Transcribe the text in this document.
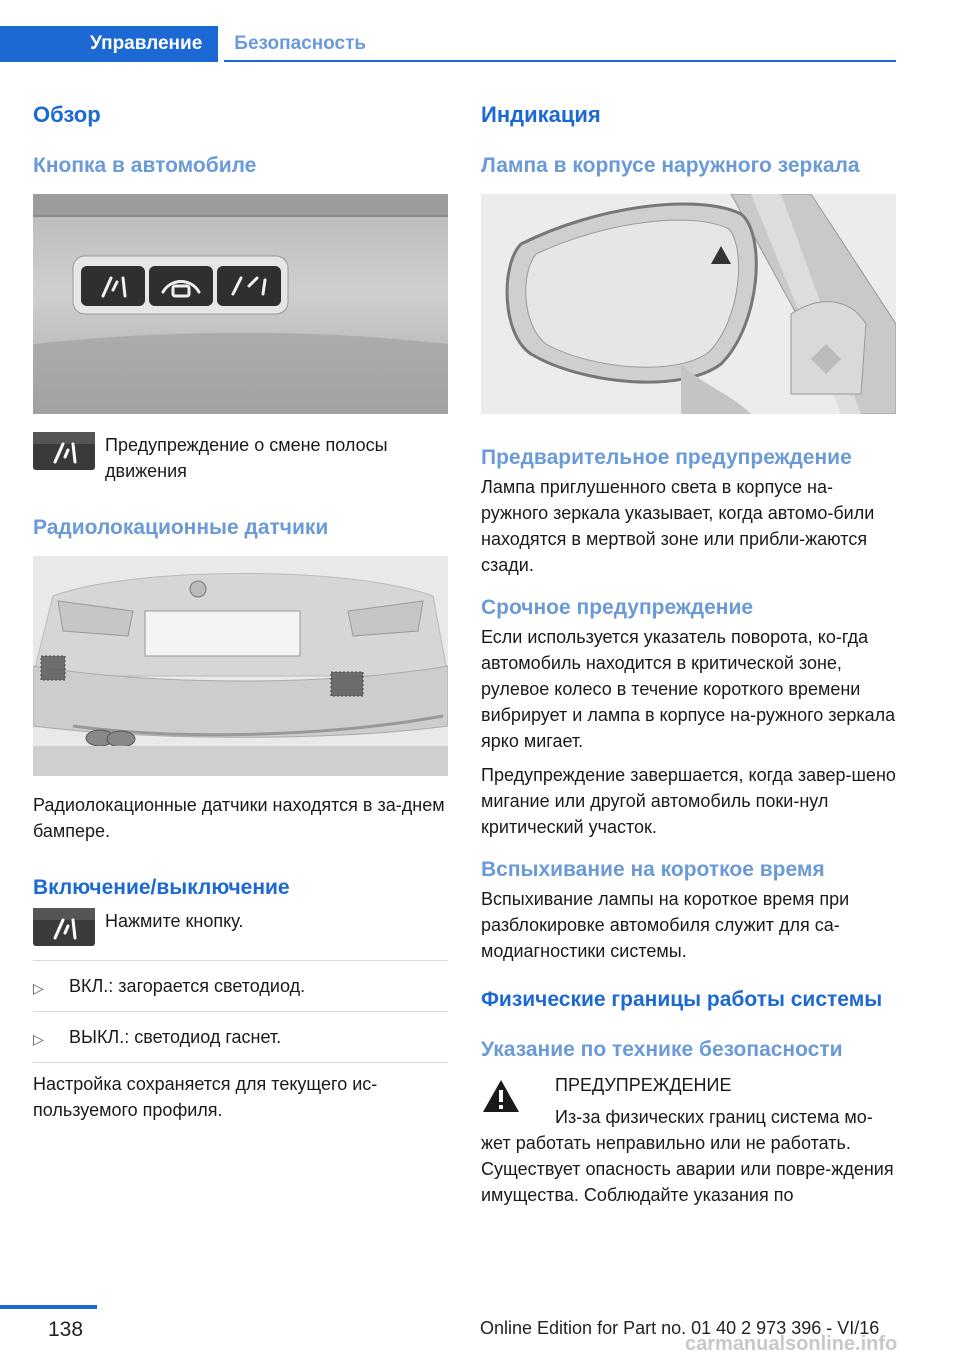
Управление	Безопасность
Обзор
Кнопка в автомобиле
Предупреждение о смене полосы движения
Радиолокационные датчики

Радиолокационные датчики находятся в за-днем бампере.

Включение/выключение
Нажмите кнопку.
▷	ВКЛ.: загорается светодиод.
▷	ВЫКЛ.: светодиод гаснет.

Настройка сохраняется для текущего ис-пользуемого профиля.

Индикация
Лампа в корпусе наружного зеркала
Предварительное предупреждение

Лампа приглушенного света в корпусе на-ружного зеркала указывает, когда автомо-били находятся в мертвой зоне или прибли-жаются сзади.

Срочное предупреждение

Если используется указатель поворота, ко-гда автомобиль находится в критической зоне, рулевое колесо в течение короткого времени вибрирует и лампа в корпусе на-ружного зеркала ярко мигает.

Предупреждение завершается, когда завер-шено мигание или другой автомобиль поки-нул критический участок.

Вспыхивание на короткое время

Вспыхивание лампы на короткое время при разблокировке автомобиля служит для са-модиагностики системы.

Физические границы работы системы
Указание по технике безопасности

ПРЕДУПРЕЖДЕНИЕ

Из-за физических границ система мо-

жет работать неправильно или не работать. Существует опасность аварии или повре-ждения имущества. Соблюдайте указания по

138	Online Edition for Part no. 01 40 2 973 396 - VI/16
carmanualsonline.info
